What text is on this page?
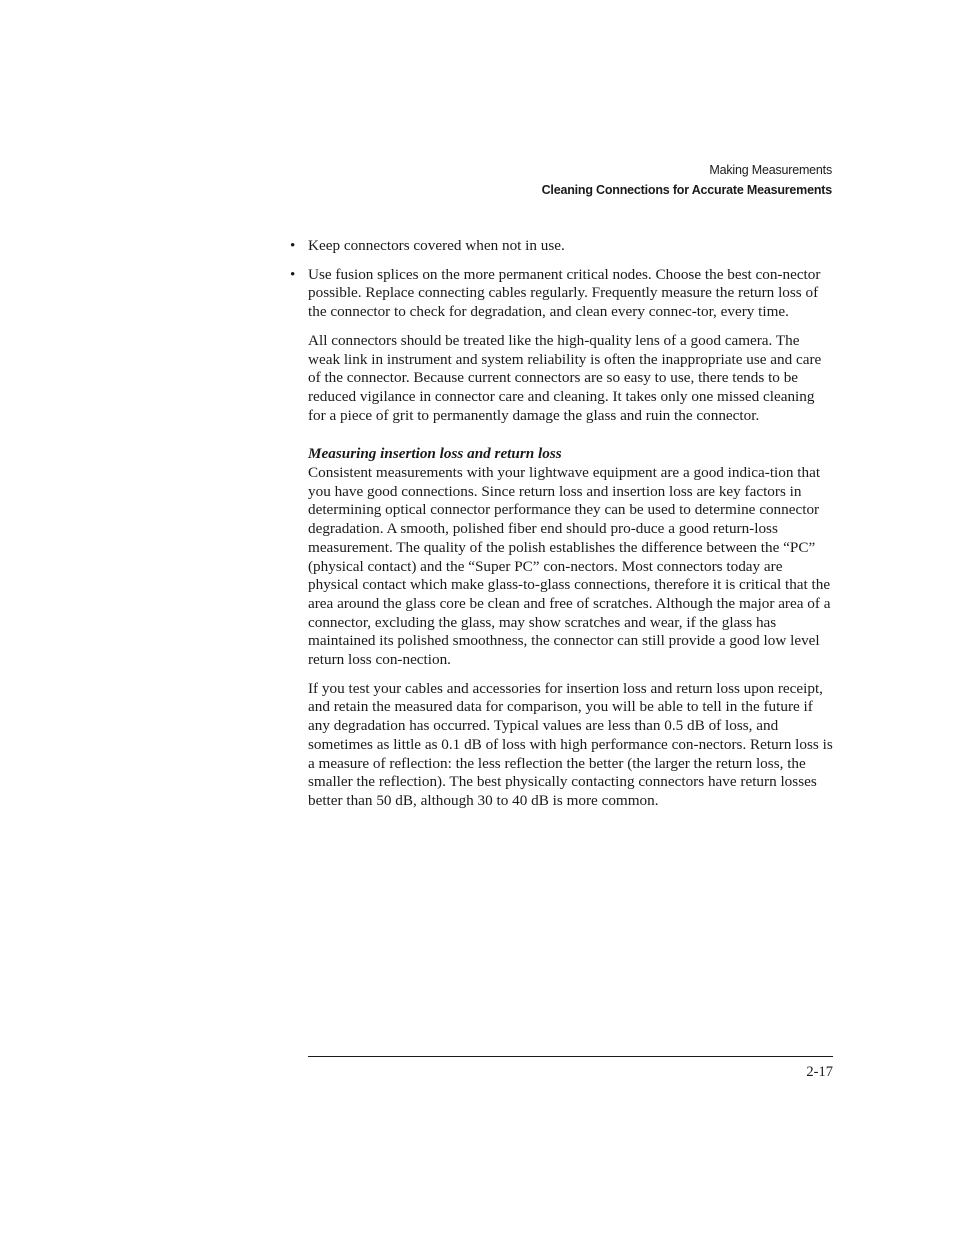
Making Measurements
Cleaning Connections for Accurate Measurements
• Keep connectors covered when not in use.
• Use fusion splices on the more permanent critical nodes. Choose the best con-nector possible. Replace connecting cables regularly. Frequently measure the return loss of the connector to check for degradation, and clean every connec-tor, every time.

All connectors should be treated like the high-quality lens of a good camera. The weak link in instrument and system reliability is often the inappropriate use and care of the connector. Because current connectors are so easy to use, there tends to be reduced vigilance in connector care and cleaning. It takes only one missed cleaning for a piece of grit to permanently damage the glass and ruin the connector.

Measuring insertion loss and return loss

Consistent measurements with your lightwave equipment are a good indica-tion that you have good connections. Since return loss and insertion loss are key factors in determining optical connector performance they can be used to determine connector degradation. A smooth, polished fiber end should pro-duce a good return-loss measurement. The quality of the polish establishes the difference between the “PC” (physical contact) and the “Super PC” con-nectors. Most connectors today are physical contact which make glass-to-glass connections, therefore it is critical that the area around the glass core be clean and free of scratches. Although the major area of a connector, excluding the glass, may show scratches and wear, if the glass has maintained its polished smoothness, the connector can still provide a good low level return loss con-nection.

If you test your cables and accessories for insertion loss and return loss upon receipt, and retain the measured data for comparison, you will be able to tell in the future if any degradation has occurred. Typical values are less than 0.5 dB of loss, and sometimes as little as 0.1 dB of loss with high performance con-nectors. Return loss is a measure of reflection: the less reflection the better (the larger the return loss, the smaller the reflection). The best physically contacting connectors have return losses better than 50 dB, although 30 to 40 dB is more common.

2-17
